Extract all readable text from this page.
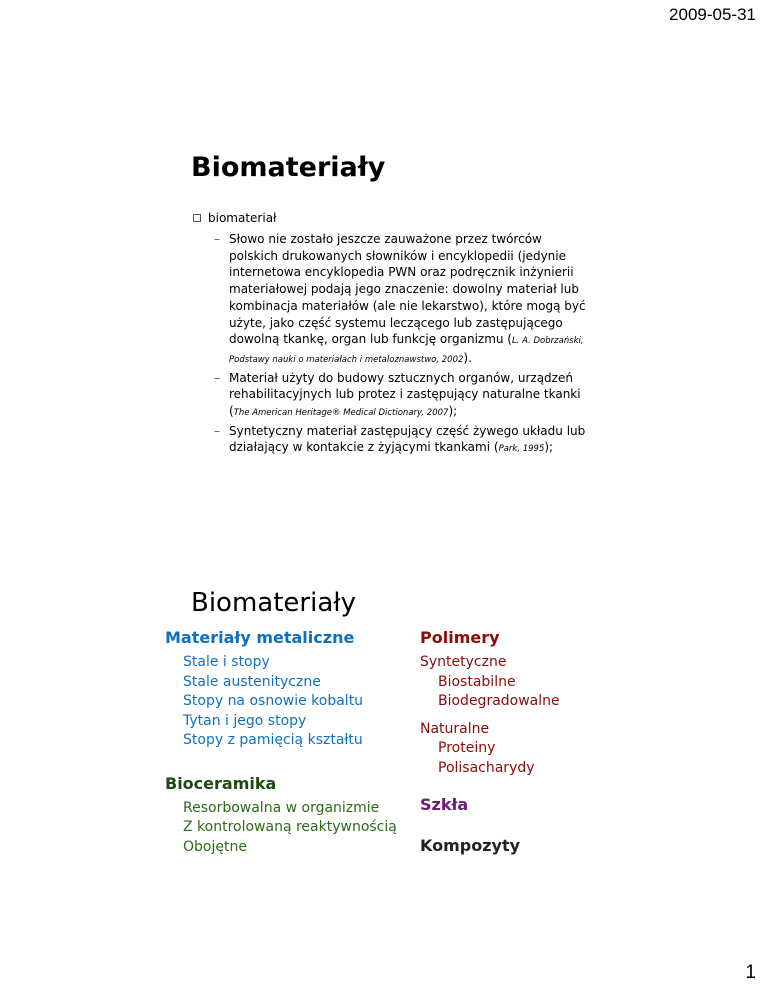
2009-05-31
Biomateriały
biomateriał
– Słowo nie zostało jeszcze zauważone przez twórców polskich drukowanych słowników i encyklopedii (jedynie internetowa encyklopedia PWN oraz podręcznik inżynierii materiałowej podają jego znaczenie: dowolny materiał lub kombinacja materiałów (ale nie lekarstwo), które mogą być użyte, jako część systemu leczącego lub zastępującego dowolną tkankę, organ lub funkcję organizmu (L. A. Dobrzański, Podstawy nauki o materiałach i metaloznawstwo, 2002).
– Materiał użyty do budowy sztucznych organów, urządzeń rehabilitacyjnych lub protez i zastępujący naturalne tkanki (The American Heritage® Medical Dictionary, 2007);
– Syntetyczny materiał zastępujący część żywego układu lub działający w kontakcie z żyjącymi tkankami (Park, 1995);
Biomateriały
Materiały metaliczne
Stale i stopy
Stale austenityczne
Stopy na osnowie kobaltu
Tytan i jego stopy
Stopy z pamięcią kształtu
Bioceramika
Resorbowalna w organizmie
Z kontrolowaną reaktywnością
Obojętne
Polimery
Syntetyczne
Biostabilne
Biodegradowalne
Naturalne
Proteiny
Polisacharydy
Szkła
Kompozyty
1
